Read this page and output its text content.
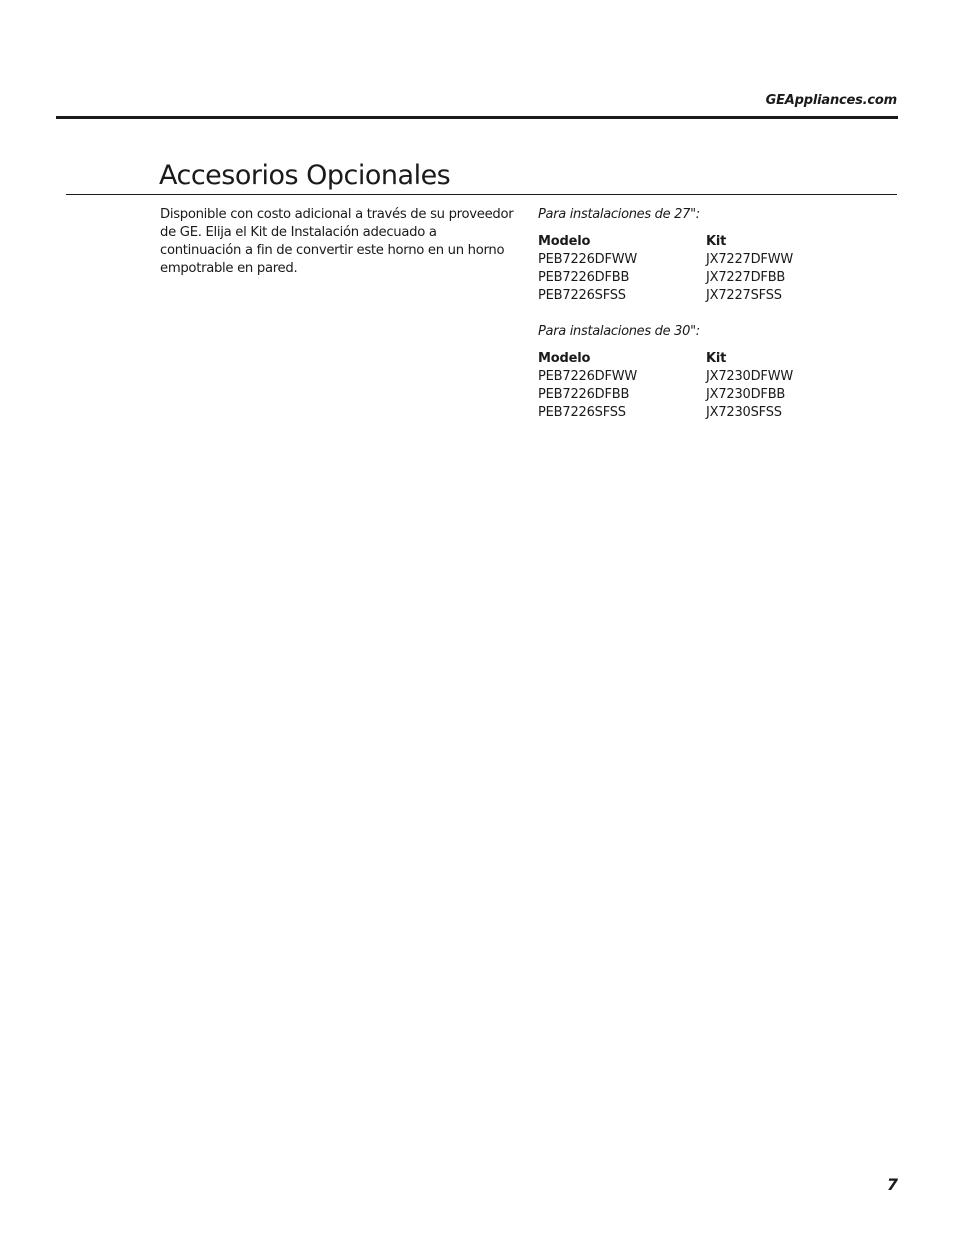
GEAppliances.com
Accesorios Opcionales

Disponible con costo adicional a través de su proveedor de GE. Elija el Kit de Instalación adecuado a continuación a fin de convertir este horno en un horno empotrable en pared.

Para instalaciones de 27":

Modelo	Kit
PEB7226DFWW	JX7227DFWW
PEB7226DFBB	JX7227DFBB
PEB7226SFSS	JX7227SFSS

Para instalaciones de 30":

Modelo	Kit
PEB7226DFWW	JX7230DFWW
PEB7226DFBB	JX7230DFBB
PEB7226SFSS	JX7230SFSS
7
